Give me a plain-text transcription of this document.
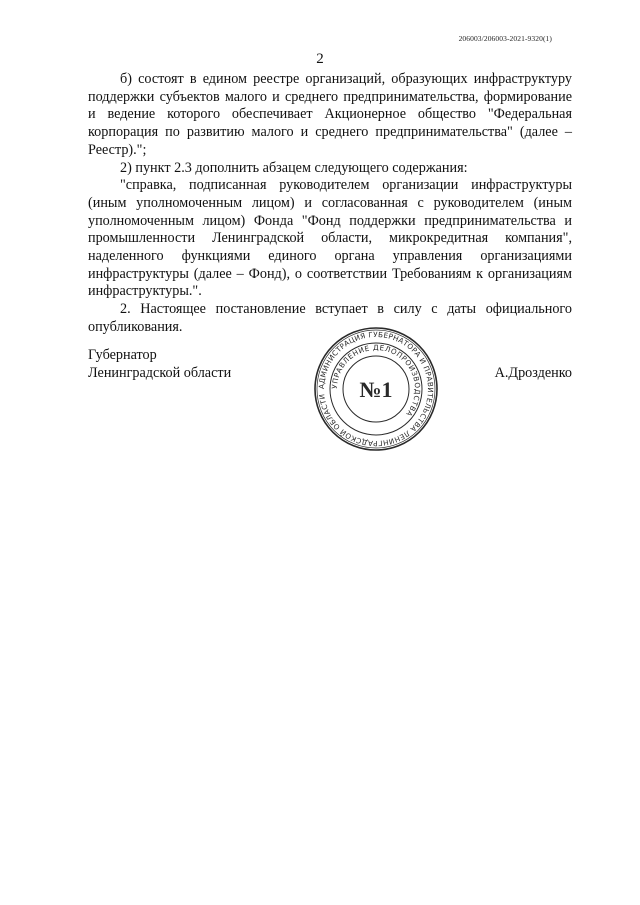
206003/206003-2021-9320(1)
2

б) состоят в едином реестре организаций, образующих инфраструктуру поддержки субъектов малого и среднего предпринимательства, формирование и ведение которого обеспечивает Акционерное общество "Федеральная корпорация по развитию малого и среднего предпринимательства" (далее – Реестр).";

2) пункт 2.3 дополнить абзацем следующего содержания:

"справка, подписанная руководителем организации инфраструктуры (иным уполномоченным лицом) и согласованная с руководителем (иным уполномоченным лицом) Фонда "Фонд поддержки предпринимательства и промышленности Ленинградской области, микрокредитная компания", наделенного функциями единого органа управления организациями инфраструктуры (далее – Фонд), о соответствии Требованиям к организациям инфраструктуры.".

2. Настоящее постановление вступает в силу с даты официального опубликования.

Губернатор
Ленинградской области	А.Дрозденко
АДМИНИСТРАЦИЯ ГУБЕРНАТОРА И ПРАВИТЕЛЬСТВА ЛЕНИНГРАДСКОЙ ОБЛАСТИ
УПРАВЛЕНИЕ ДЕЛОПРОИЗВОДСТВА
№1
